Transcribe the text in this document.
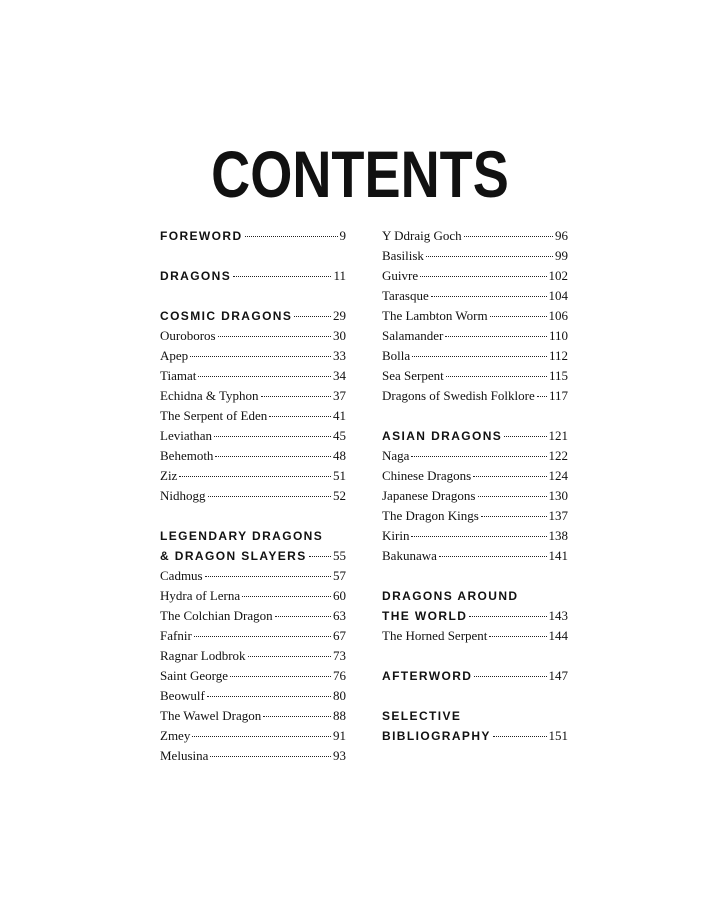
CONTENTS
FOREWORD	9
DRAGONS	11
COSMIC DRAGONS	29
Ouroboros	30
Apep	33
Tiamat	34
Echidna & Typhon	37
The Serpent of Eden	41
Leviathan	45
Behemoth	48
Ziz	51
Nidhogg	52
LEGENDARY DRAGONS
& DRAGON SLAYERS 55
Cadmus	57
Hydra of Lerna	60
The Colchian Dragon	63
Fafnir	67
Ragnar Lodbrok	73
Saint George	76
Beowulf	80
The Wawel Dragon	88
Zmey	91
Melusina	93
Y Ddraig Goch	96
Basilisk	99
Guivre	102
Tarasque	104
The Lambton Worm	106
Salamander	110
Bolla	112
Sea Serpent	115
Dragons of Swedish Folklore 117
ASIAN DRAGONS	121
Naga	122
Chinese Dragons	124
Japanese Dragons	130
The Dragon Kings	137
Kirin	138
Bakunawa	141
DRAGONS AROUND
THE WORLD	143
The Horned Serpent	144
AFTERWORD	147
SELECTIVE
BIBLIOGRAPHY	151
